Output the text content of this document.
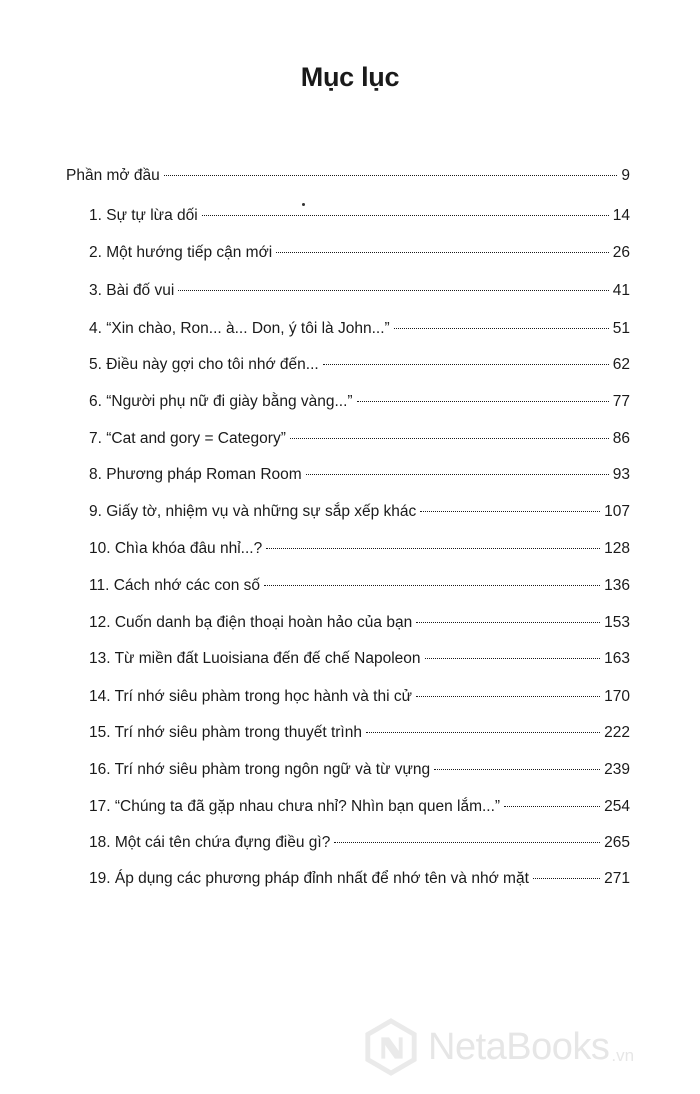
Mục lục
Phần mở đầu	9
1. Sự tự lừa dối	14
2. Một hướng tiếp cận mới	26
3. Bài đố vui	41
4. “Xin chào, Ron... à... Don, ý tôi là John...”	51
5. Điều này gợi cho tôi nhớ đến...	62
6. “Người phụ nữ đi giày bằng vàng...”	77
7. “Cat and gory = Category”	86
8. Phương pháp Roman Room	93
9. Giấy tờ, nhiệm vụ và những sự sắp xếp khác	107
10. Chìa khóa đâu nhỉ...?	128
11. Cách nhớ các con số	136
12. Cuốn danh bạ điện thoại hoàn hảo của bạn	153
13. Từ miền đất Luoisiana đến đế chế Napoleon	163
14. Trí nhớ siêu phàm trong học hành và thi cử	170
15. Trí nhớ siêu phàm trong thuyết trình	222
16. Trí nhớ siêu phàm trong ngôn ngữ và từ vựng	239
17. “Chúng ta đã gặp nhau chưa nhỉ? Nhìn bạn quen lắm...”	254
18. Một cái tên chứa đựng điều gì?	265
19. Áp dụng các phương pháp đỉnh nhất để nhớ tên và nhớ mặt	271
NetaBooks .vn
